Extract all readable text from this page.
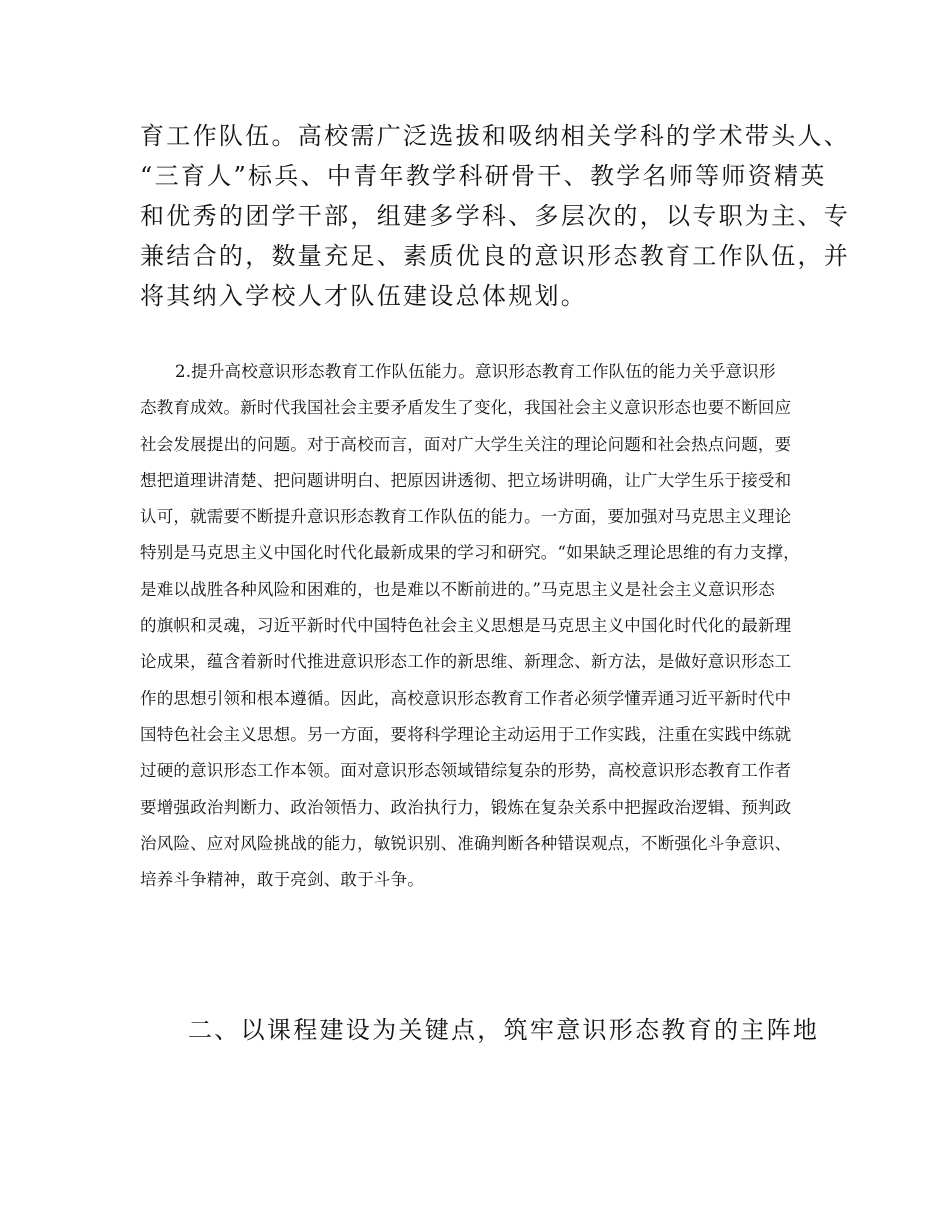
育工作队伍。高校需广泛选拔和吸纳相关学科的学术带头人、
“三育人”标兵、中青年教学科研骨干、教学名师等师资精英
和优秀的团学干部，组建多学科、多层次的，以专职为主、专
兼结合的，数量充足、素质优良的意识形态教育工作队伍，并
将其纳入学校人才队伍建设总体规划。
2.提升高校意识形态教育工作队伍能力。意识形态教育工作队伍的能力关乎意识形
态教育成效。新时代我国社会主要矛盾发生了变化，我国社会主义意识形态也要不断回应
社会发展提出的问题。对于高校而言，面对广大学生关注的理论问题和社会热点问题，要
想把道理讲清楚、把问题讲明白、把原因讲透彻、把立场讲明确，让广大学生乐于接受和
认可，就需要不断提升意识形态教育工作队伍的能力。一方面，要加强对马克思主义理论
特别是马克思主义中国化时代化最新成果的学习和研究。“如果缺乏理论思维的有力支撑，
是难以战胜各种风险和困难的，也是难以不断前进的。”马克思主义是社会主义意识形态
的旗帜和灵魂，习近平新时代中国特色社会主义思想是马克思主义中国化时代化的最新理
论成果，蕴含着新时代推进意识形态工作的新思维、新理念、新方法，是做好意识形态工
作的思想引领和根本遵循。因此，高校意识形态教育工作者必须学懂弄通习近平新时代中
国特色社会主义思想。另一方面，要将科学理论主动运用于工作实践，注重在实践中练就
过硬的意识形态工作本领。面对意识形态领域错综复杂的形势，高校意识形态教育工作者
要增强政治判断力、政治领悟力、政治执行力，锻炼在复杂关系中把握政治逻辑、预判政
治风险、应对风险挑战的能力，敏锐识别、准确判断各种错误观点，不断强化斗争意识、
培养斗争精神，敢于亮剑、敢于斗争。
二、以课程建设为关键点，筑牢意识形态教育的主阵地
